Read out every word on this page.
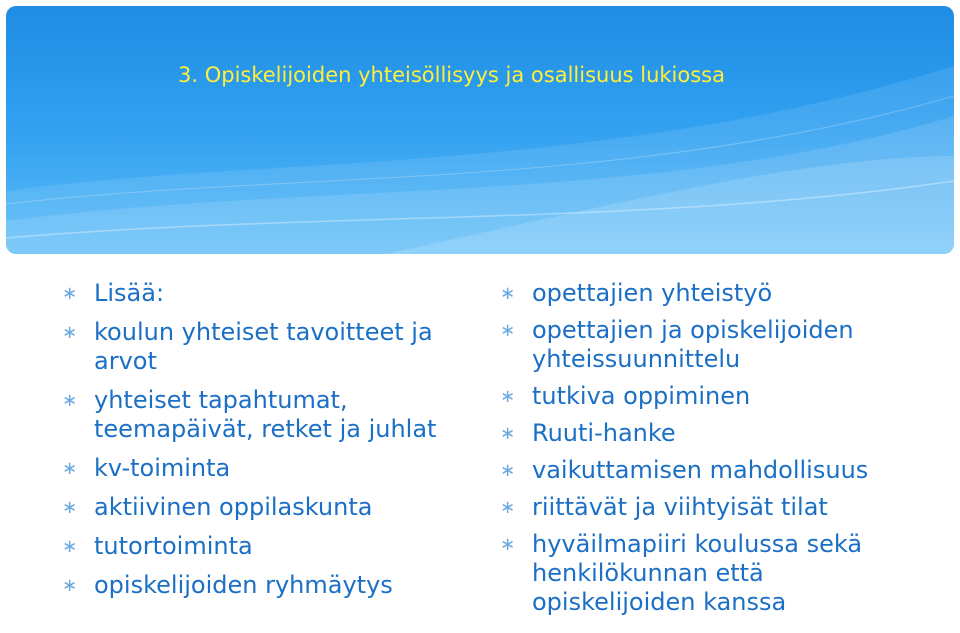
3. Opiskelijoiden yhteisöllisyys ja osallisuus lukiossa
∗ Lisää:
∗ koulun yhteiset tavoitteet ja arvot
∗ yhteiset tapahtumat, teemapäivät, retket ja juhlat
∗ kv-toiminta
∗ aktiivinen oppilaskunta
∗ tutortoiminta
∗ opiskelijoiden ryhmäytys
∗ opettajien yhteistyö
∗ opettajien ja opiskelijoiden yhteissuunnittelu
∗ tutkiva oppiminen
∗ Ruuti-hanke
∗ vaikuttamisen mahdollisuus
∗ riittävät ja viihtyisät tilat
∗ hyväilmapiiri koulussa sekä henkilökunnan että opiskelijoiden kanssa
